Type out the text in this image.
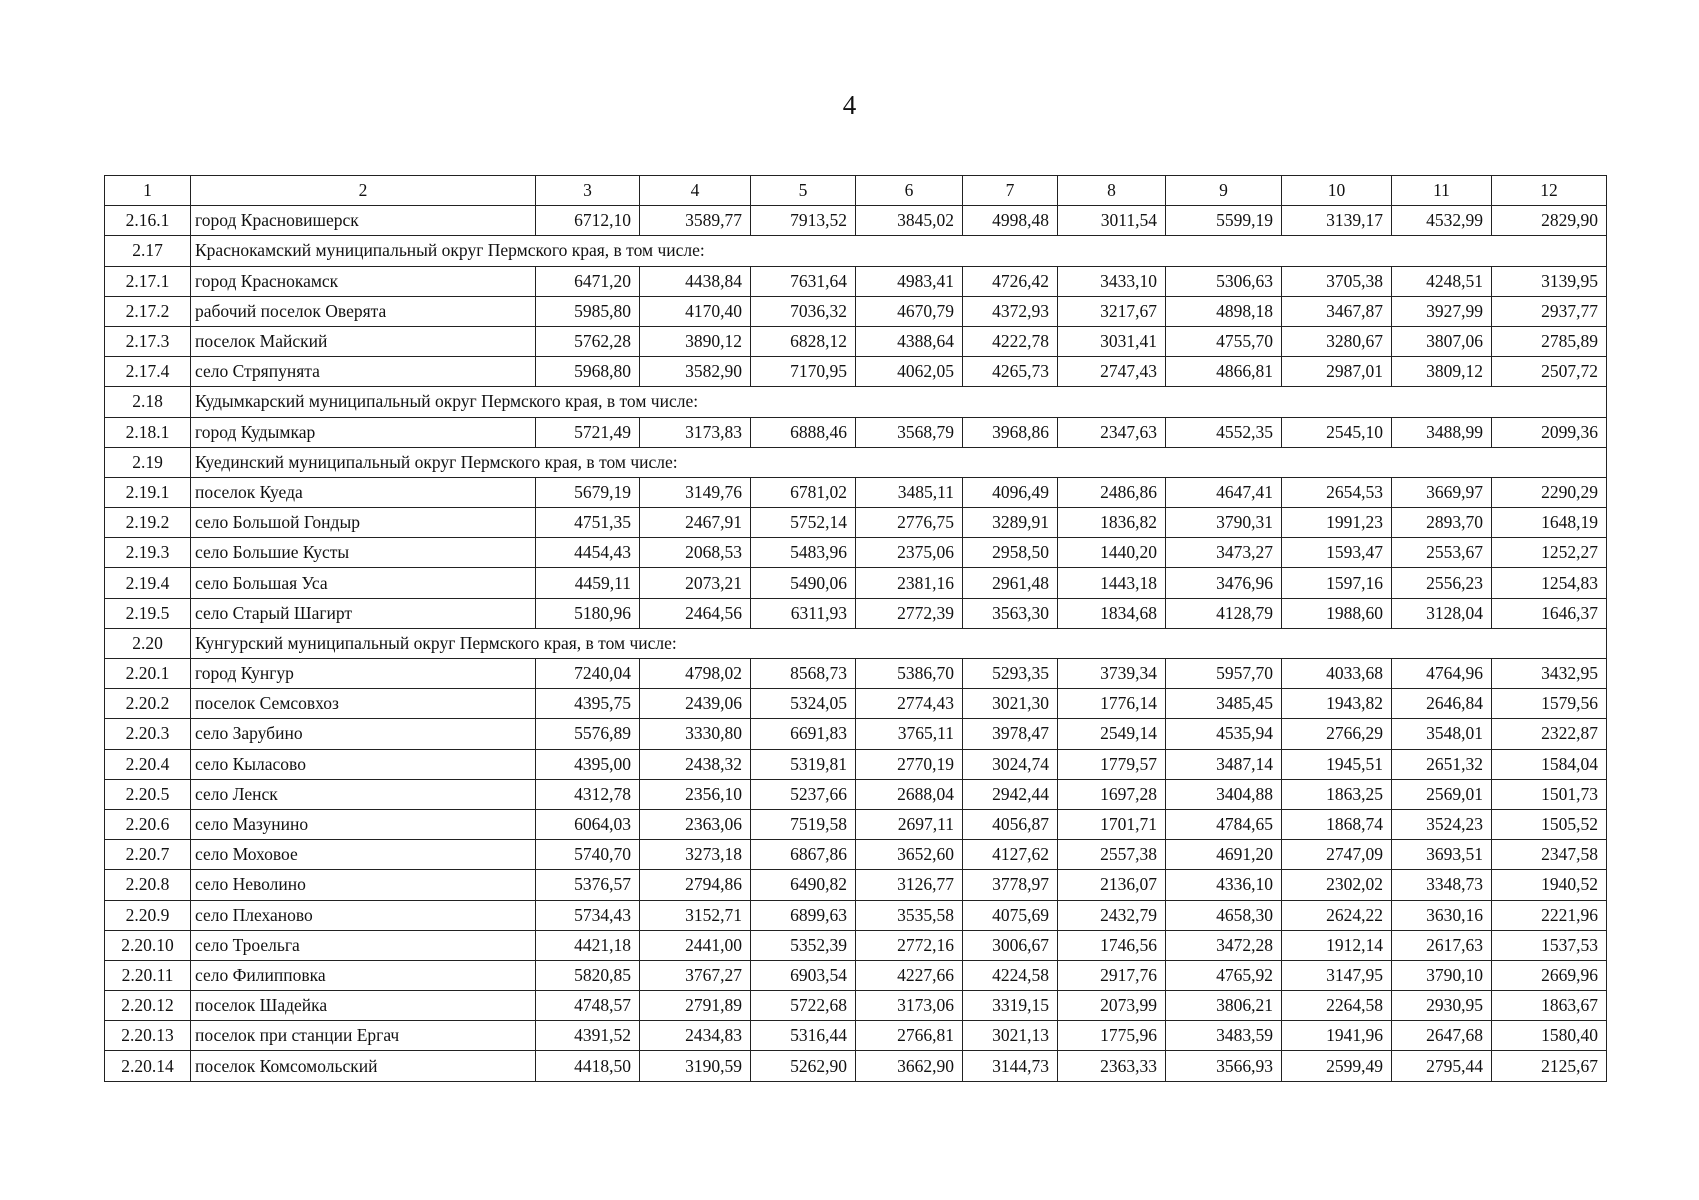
4
1	2	3	4	5	6	7	8	9	10	11	12
2.16.1	город Красновишерск	6712,10	3589,77	7913,52	3845,02	4998,48	3011,54	5599,19	3139,17	4532,99	2829,90
2.17	Краснокамский муниципальный округ Пермского края, в том числе:										
2.17.1	город Краснокамск	6471,20	4438,84	7631,64	4983,41	4726,42	3433,10	5306,63	3705,38	4248,51	3139,95
2.17.2	рабочий поселок Оверята	5985,80	4170,40	7036,32	4670,79	4372,93	3217,67	4898,18	3467,87	3927,99	2937,77
2.17.3	поселок Майский	5762,28	3890,12	6828,12	4388,64	4222,78	3031,41	4755,70	3280,67	3807,06	2785,89
2.17.4	село Стряпунята	5968,80	3582,90	7170,95	4062,05	4265,73	2747,43	4866,81	2987,01	3809,12	2507,72
2.18	Кудымкарский муниципальный округ Пермского края, в том числе:										
2.18.1	город Кудымкар	5721,49	3173,83	6888,46	3568,79	3968,86	2347,63	4552,35	2545,10	3488,99	2099,36
2.19	Куединский муниципальный округ Пермского края, в том числе:										
2.19.1	поселок Куеда	5679,19	3149,76	6781,02	3485,11	4096,49	2486,86	4647,41	2654,53	3669,97	2290,29
2.19.2	село Большой Гондыр	4751,35	2467,91	5752,14	2776,75	3289,91	1836,82	3790,31	1991,23	2893,70	1648,19
2.19.3	село Большие Кусты	4454,43	2068,53	5483,96	2375,06	2958,50	1440,20	3473,27	1593,47	2553,67	1252,27
2.19.4	село Большая Уса	4459,11	2073,21	5490,06	2381,16	2961,48	1443,18	3476,96	1597,16	2556,23	1254,83
2.19.5	село Старый Шагирт	5180,96	2464,56	6311,93	2772,39	3563,30	1834,68	4128,79	1988,60	3128,04	1646,37
2.20	Кунгурский муниципальный округ Пермского края, в том числе:										
2.20.1	город Кунгур	7240,04	4798,02	8568,73	5386,70	5293,35	3739,34	5957,70	4033,68	4764,96	3432,95
2.20.2	поселок Семсовхоз	4395,75	2439,06	5324,05	2774,43	3021,30	1776,14	3485,45	1943,82	2646,84	1579,56
2.20.3	село Зарубино	5576,89	3330,80	6691,83	3765,11	3978,47	2549,14	4535,94	2766,29	3548,01	2322,87
2.20.4	село Кыласово	4395,00	2438,32	5319,81	2770,19	3024,74	1779,57	3487,14	1945,51	2651,32	1584,04
2.20.5	село Ленск	4312,78	2356,10	5237,66	2688,04	2942,44	1697,28	3404,88	1863,25	2569,01	1501,73
2.20.6	село Мазунино	6064,03	2363,06	7519,58	2697,11	4056,87	1701,71	4784,65	1868,74	3524,23	1505,52
2.20.7	село Моховое	5740,70	3273,18	6867,86	3652,60	4127,62	2557,38	4691,20	2747,09	3693,51	2347,58
2.20.8	село Неволино	5376,57	2794,86	6490,82	3126,77	3778,97	2136,07	4336,10	2302,02	3348,73	1940,52
2.20.9	село Плеханово	5734,43	3152,71	6899,63	3535,58	4075,69	2432,79	4658,30	2624,22	3630,16	2221,96
2.20.10	село Троельга	4421,18	2441,00	5352,39	2772,16	3006,67	1746,56	3472,28	1912,14	2617,63	1537,53
2.20.11	село Филипповка	5820,85	3767,27	6903,54	4227,66	4224,58	2917,76	4765,92	3147,95	3790,10	2669,96
2.20.12	поселок Шадейка	4748,57	2791,89	5722,68	3173,06	3319,15	2073,99	3806,21	2264,58	2930,95	1863,67
2.20.13	поселок при станции Ергач	4391,52	2434,83	5316,44	2766,81	3021,13	1775,96	3483,59	1941,96	2647,68	1580,40
2.20.14	поселок Комсомольский	4418,50	3190,59	5262,90	3662,90	3144,73	2363,33	3566,93	2599,49	2795,44	2125,67
